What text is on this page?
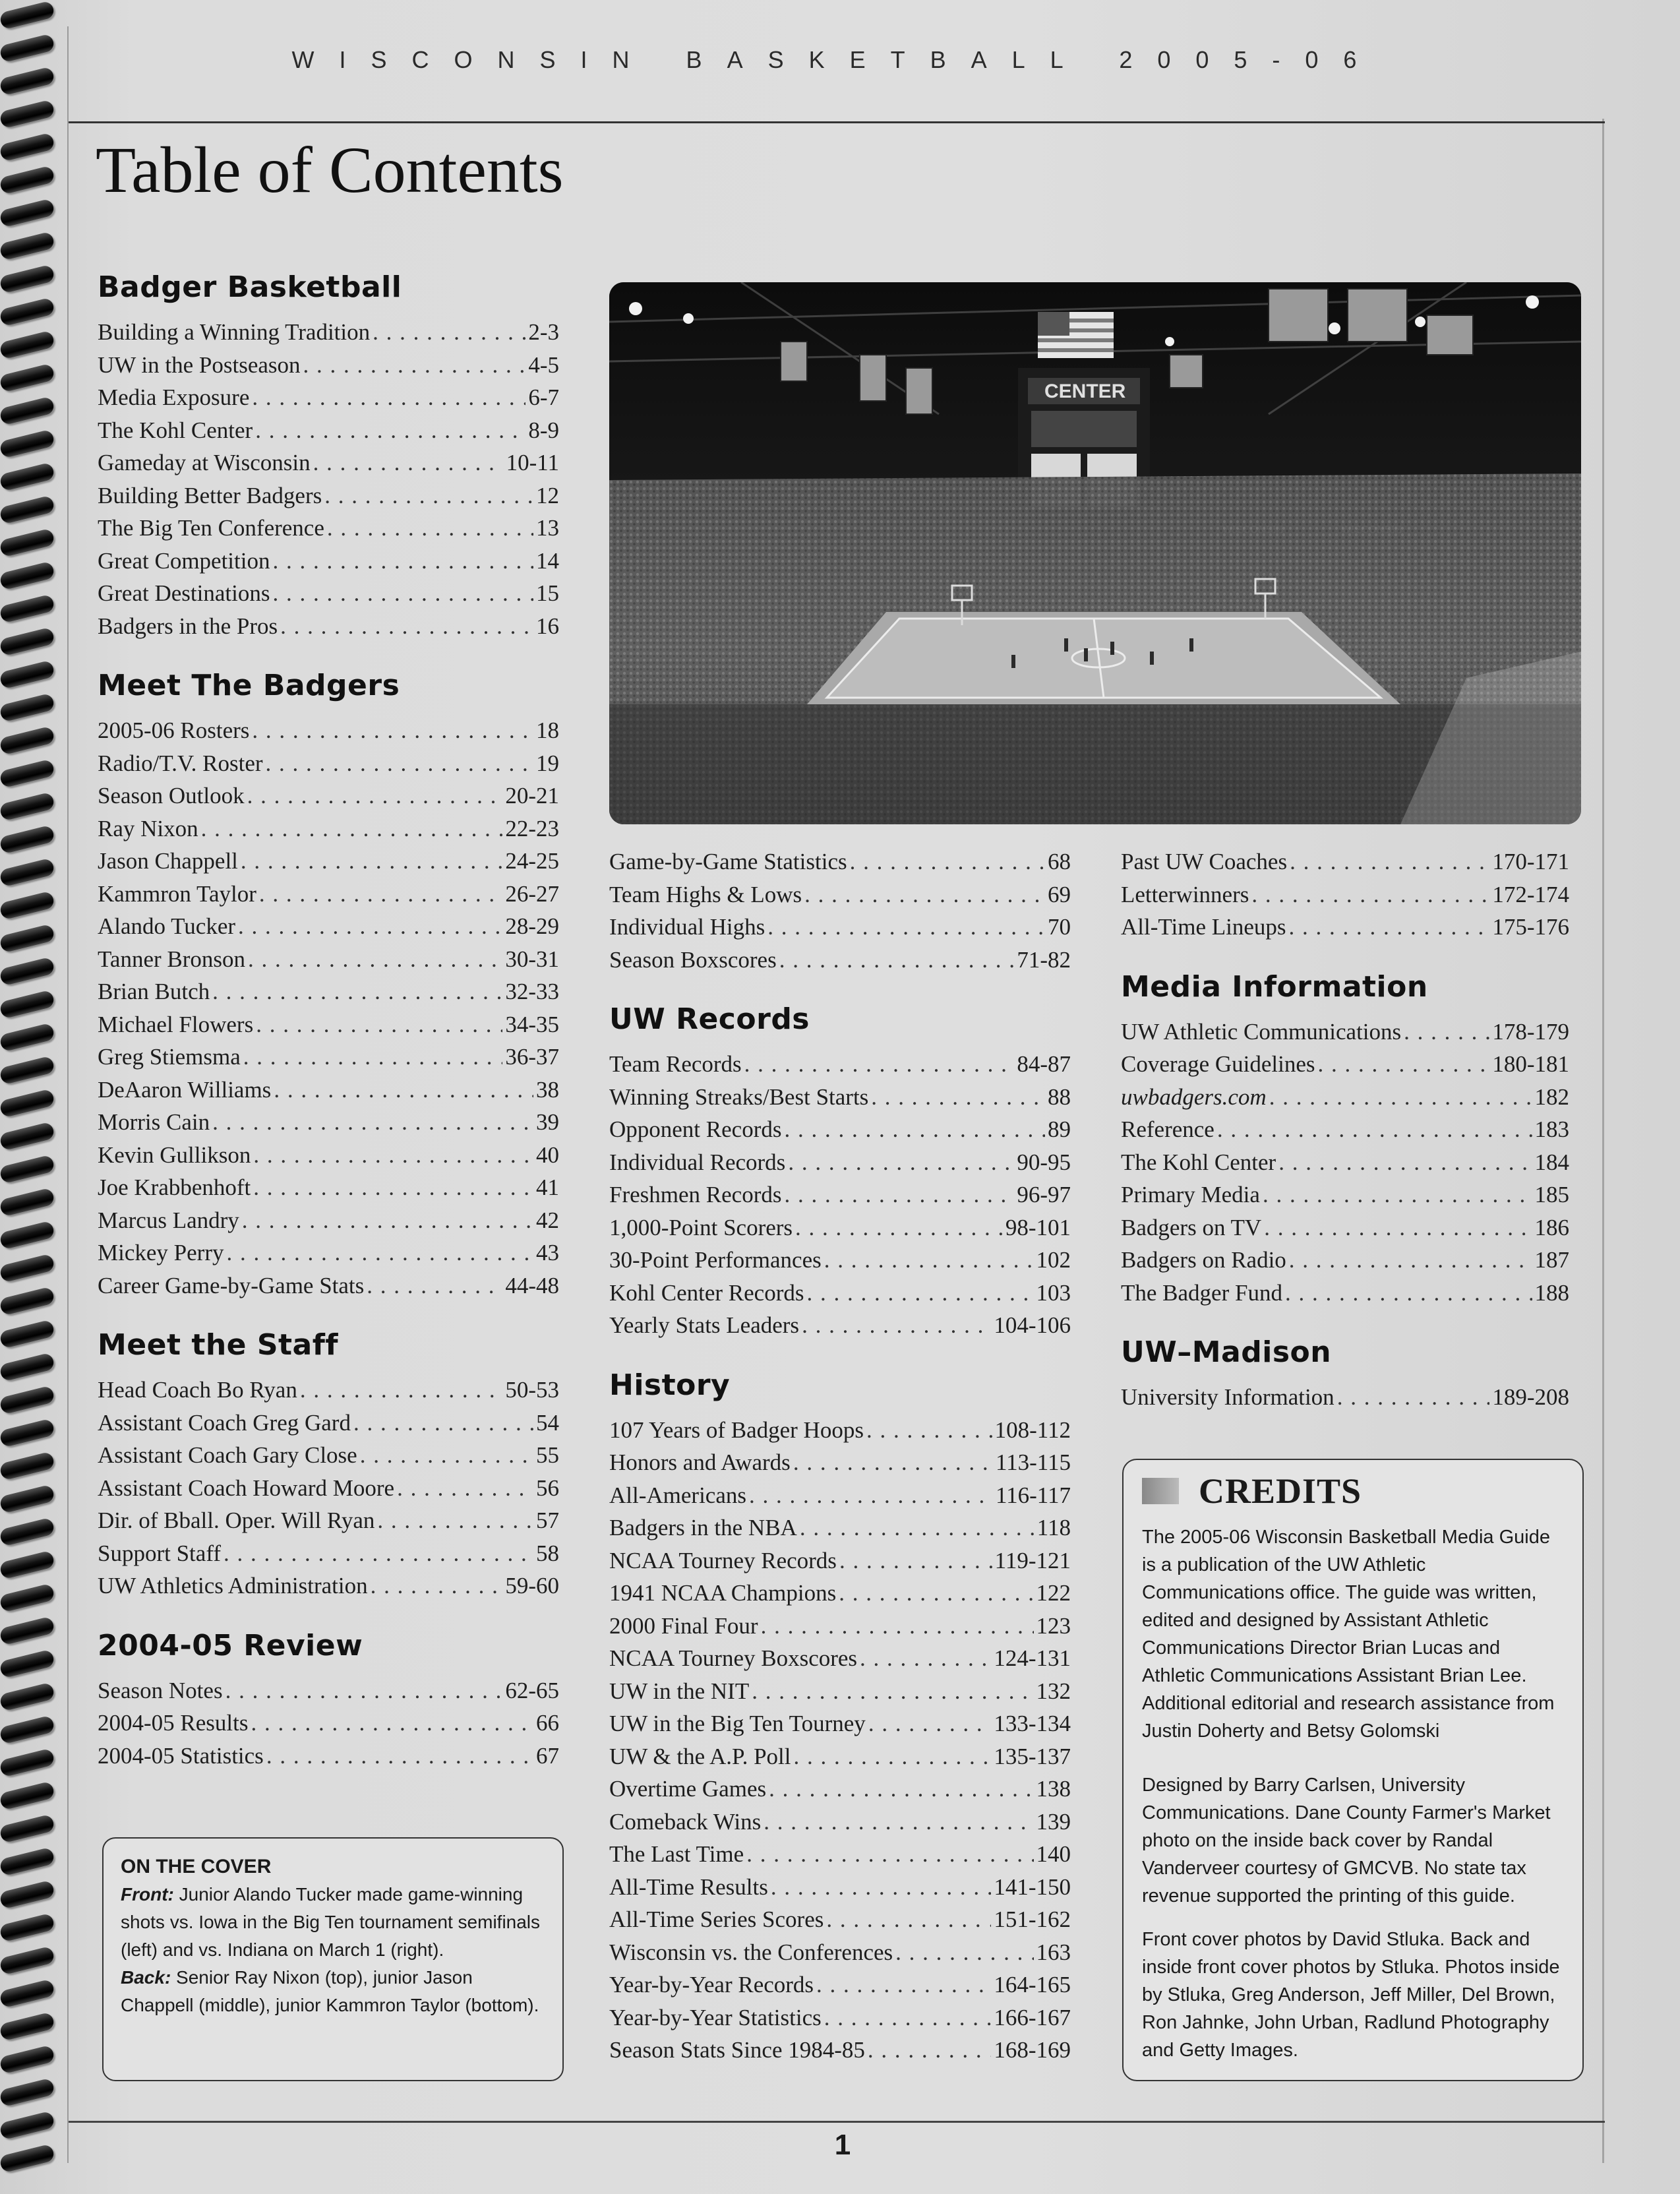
WISCONSIN BASKETBALL 2005-06
Table of Contents
Badger Basketball
Building a Winning Tradition . . .	2-3
UW in the Postseason . . .	4-5
Media Exposure . . .	6-7
The Kohl Center . . .	8-9
Gameday at Wisconsin . . .	10-11
Building Better Badgers . . .	12
The Big Ten Conference . . .	13
Great Competition . . .	14
Great Destinations . . .	15
Badgers in the Pros . . .	16
Meet The Badgers
2005-06 Rosters . . .	18
Radio/T.V. Roster . . .	19
Season Outlook . . .	20-21
Ray Nixon . . .	22-23
Jason Chappell . . .	24-25
Kammron Taylor . . .	26-27
Alando Tucker . . .	28-29
Tanner Bronson . . .	30-31
Brian Butch . . .	32-33
Michael Flowers . . .	34-35
Greg Stiemsma . . .	36-37
DeAaron Williams . . .	38
Morris Cain . . .	39
Kevin Gullikson . . .	40
Joe Krabbenhoft . . .	41
Marcus Landry . . .	42
Mickey Perry . . .	43
Career Game-by-Game Stats . . .	44-48
Meet the Staff
Head Coach Bo Ryan . . .	50-53
Assistant Coach Greg Gard . . .	54
Assistant Coach Gary Close . . .	55
Assistant Coach Howard Moore . . .	56
Dir. of Bball. Oper. Will Ryan . . .	57
Support Staff . . .	58
UW Athletics Administration . . .	59-60
2004-05 Review
Season Notes . . .	62-65
2004-05 Results . . .	66
2004-05 Statistics . . .	67
CENTER
Game-by-Game Statistics . . .	68
Team Highs & Lows . . .	69
Individual Highs . . .	70
Season Boxscores . . .	71-82
UW Records
Team Records . . .	84-87
Winning Streaks/Best Starts . . .	88
Opponent Records . . .	89
Individual Records . . .	90-95
Freshmen Records . . .	96-97
1,000-Point Scorers . . .	98-101
30-Point Performances . . .	102
Kohl Center Records . . .	103
Yearly Stats Leaders . . .	104-106
History
107 Years of Badger Hoops . . .	108-112
Honors and Awards . . .	113-115
All-Americans . . .	116-117
Badgers in the NBA . . .	118
NCAA Tourney Records . . .	119-121
1941 NCAA Champions . . .	122
2000 Final Four . . .	123
NCAA Tourney Boxscores . . .	124-131
UW in the NIT . . .	132
UW in the Big Ten Tourney . . .	133-134
UW & the A.P. Poll . . .	135-137
Overtime Games . . .	138
Comeback Wins . . .	139
The Last Time . . .	140
All-Time Results . . .	141-150
All-Time Series Scores . . .	151-162
Wisconsin vs. the Conferences . . .	163
Year-by-Year Records . . .	164-165
Year-by-Year Statistics . . .	166-167
Season Stats Since 1984-85 . . .	168-169
Past UW Coaches . . .	170-171
Letterwinners . . .	172-174
All-Time Lineups . . .	175-176
Media Information
UW Athletic Communications . . .	178-179
Coverage Guidelines . . .	180-181
uwbadgers.com . . .	182
Reference . . .	183
The Kohl Center . . .	184
Primary Media . . .	185
Badgers on TV . . .	186
Badgers on Radio . . .	187
The Badger Fund . . .	188
UW–Madison
University Information . . .	189-208
ON THE COVER
Front: Junior Alando Tucker made game-winning shots vs. Iowa in the Big Ten tournament semifinals (left) and vs. Indiana on March 1 (right).
Back: Senior Ray Nixon (top), junior Jason Chappell (middle), junior Kammron Taylor (bottom).
CREDITS

The 2005-06 Wisconsin Basketball Media Guide is a publication of the UW Athletic Communications office. The guide was written, edited and designed by Assistant Athletic Communications Director Brian Lucas and Athletic Communications Assistant Brian Lee. Additional editorial and research assistance from Justin Doherty and Betsy Golomski

Designed by Barry Carlsen, University Communications. Dane County Farmer's Market photo on the inside back cover by Randal Vanderveer courtesy of GMCVB. No state tax revenue supported the printing of this guide.

Front cover photos by David Stluka. Back and inside front cover photos by Stluka. Photos inside by Stluka, Greg Anderson, Jeff Miller, Del Brown, Ron Jahnke, John Urban, Radlund Photography and Getty Images.

1
